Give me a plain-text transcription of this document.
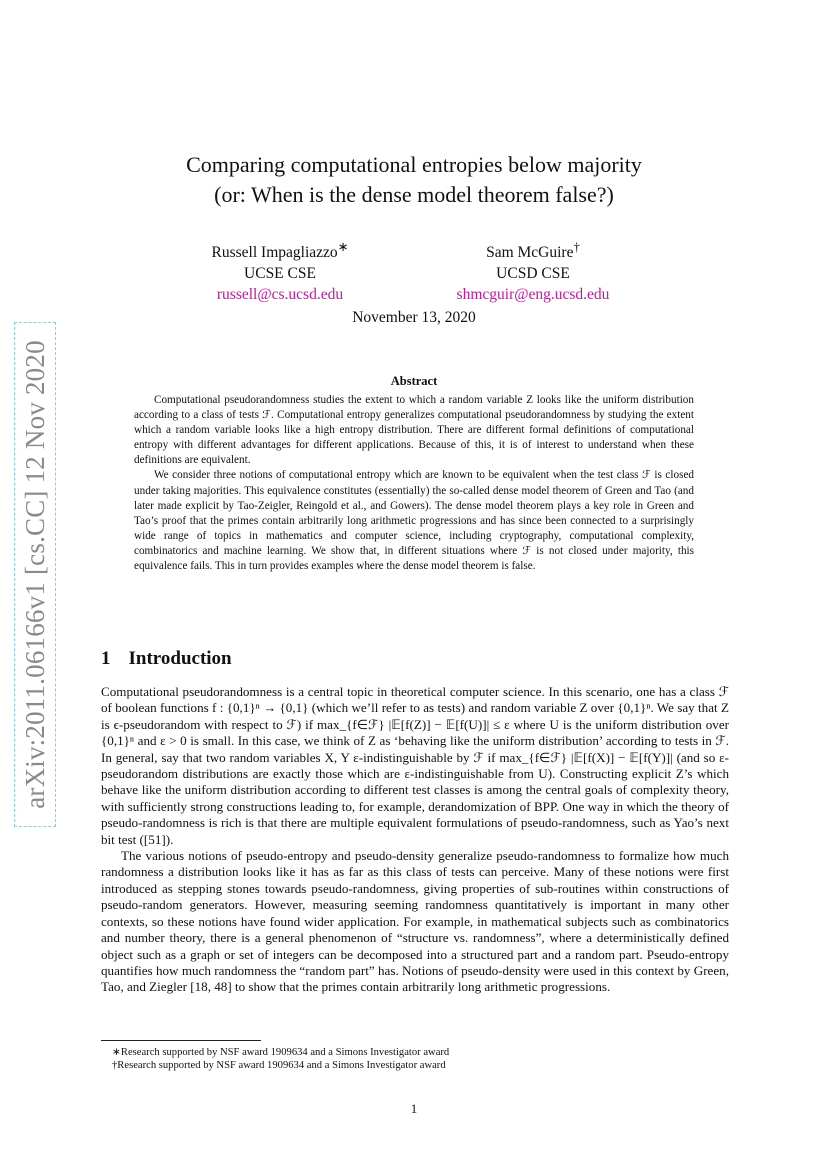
arXiv:2011.06166v1 [cs.CC] 12 Nov 2020
Comparing computational entropies below majority
(or: When is the dense model theorem false?)
Russell Impagliazzo∗
UCSE CSE
russell@cs.ucsd.edu
Sam McGuire†
UCSD CSE
shmcguir@eng.ucsd.edu
November 13, 2020
Abstract

Computational pseudorandomness studies the extent to which a random variable Z looks like the uniform distribution according to a class of tests ℱ. Computational entropy generalizes computational pseudorandomness by studying the extent which a random variable looks like a high entropy distribution. There are different formal definitions of computational entropy with different advantages for different applications. Because of this, it is of interest to understand when these definitions are equivalent.

We consider three notions of computational entropy which are known to be equivalent when the test class ℱ is closed under taking majorities. This equivalence constitutes (essentially) the so-called dense model theorem of Green and Tao (and later made explicit by Tao-Zeigler, Reingold et al., and Gowers). The dense model theorem plays a key role in Green and Tao’s proof that the primes contain arbitrarily long arithmetic progressions and has since been connected to a surprisingly wide range of topics in mathematics and computer science, including cryptography, computational complexity, combinatorics and machine learning. We show that, in different situations where ℱ is not closed under majority, this equivalence fails. This in turn provides examples where the dense model theorem is false.

1 Introduction

Computational pseudorandomness is a central topic in theoretical computer science. In this scenario, one has a class ℱ of boolean functions f : {0,1}ⁿ → {0,1} (which we’ll refer to as tests) and random variable Z over {0,1}ⁿ. We say that Z is ϵ-pseudorandom with respect to ℱ) if max_{f∈ℱ} |𝔼[f(Z)] − 𝔼[f(U)]| ≤ ε where U is the uniform distribution over {0,1}ⁿ and ε > 0 is small. In this case, we think of Z as ‘behaving like the uniform distribution’ according to tests in ℱ. In general, say that two random variables X, Y ε-indistinguishable by ℱ if max_{f∈ℱ} |𝔼[f(X)] − 𝔼[f(Y)]| (and so ε-pseudorandom distributions are exactly those which are ε-indistinguishable from U). Constructing explicit Z’s which behave like the uniform distribution according to different test classes is among the central goals of complexity theory, with sufficiently strong constructions leading to, for example, derandomization of BPP. One way in which the theory of pseudo-randomness is rich is that there are multiple equivalent formulations of pseudo-randomness, such as Yao’s next bit test ([51]).

The various notions of pseudo-entropy and pseudo-density generalize pseudo-randomness to formalize how much randomness a distribution looks like it has as far as this class of tests can perceive. Many of these notions were first introduced as stepping stones towards pseudo-randomness, giving properties of sub-routines within constructions of pseudo-random generators. However, measuring seeming randomness quantitatively is important in many other contexts, so these notions have found wider application. For example, in mathematical subjects such as combinatorics and number theory, there is a general phenomenon of “structure vs. randomness”, where a deterministically defined object such as a graph or set of integers can be decomposed into a structured part and a random part. Pseudo-entropy quantifies how much randomness the “random part” has. Notions of pseudo-density were used in this context by Green, Tao, and Ziegler [18, 48] to show that the primes contain arbitrarily long arithmetic progressions.

∗Research supported by NSF award 1909634 and a Simons Investigator award
†Research supported by NSF award 1909634 and a Simons Investigator award
1
